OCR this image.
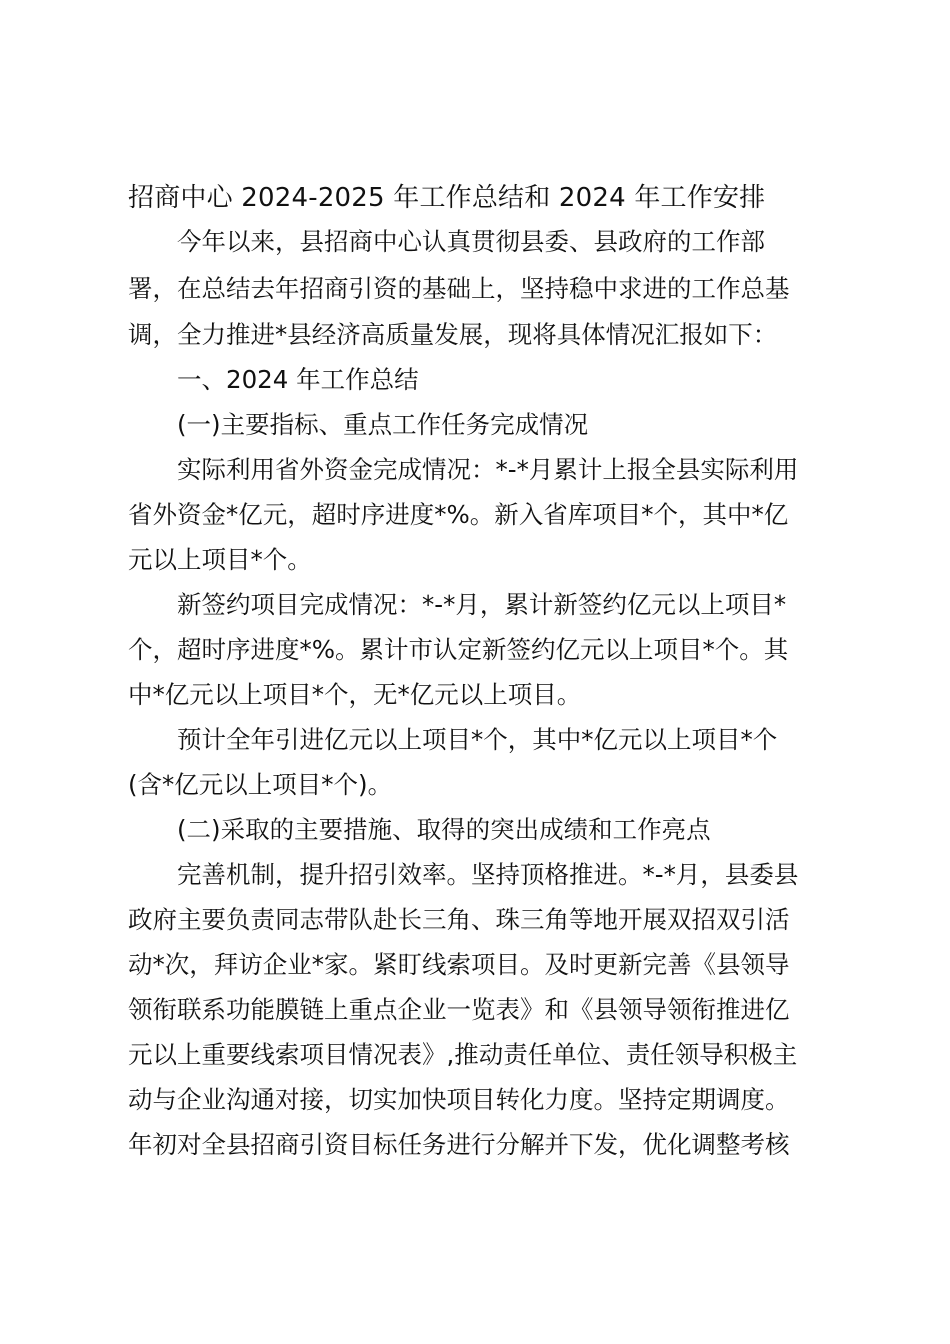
招商中心 2024-2025 年工作总结和 2024 年工作安排
今年以来，县招商中心认真贯彻县委、县政府的工作部
署，在总结去年招商引资的基础上，坚持稳中求进的工作总基
调，全力推进*县经济高质量发展，现将具体情况汇报如下：
一、2024 年工作总结
(一)主要指标、重点工作任务完成情况
实际利用省外资金完成情况：*-*月累计上报全县实际利用
省外资金*亿元，超时序进度*%。新入省库项目*个，其中*亿
元以上项目*个。
新签约项目完成情况：*-*月，累计新签约亿元以上项目*
个，超时序进度*%。累计市认定新签约亿元以上项目*个。其
中*亿元以上项目*个，无*亿元以上项目。
预计全年引进亿元以上项目*个，其中*亿元以上项目*个
(含*亿元以上项目*个)。
(二)采取的主要措施、取得的突出成绩和工作亮点
完善机制，提升招引效率。坚持顶格推进。*-*月，县委县
政府主要负责同志带队赴长三角、珠三角等地开展双招双引活
动*次，拜访企业*家。紧盯线索项目。及时更新完善《县领导
领衔联系功能膜链上重点企业一览表》和《县领导领衔推进亿
元以上重要线索项目情况表》,推动责任单位、责任领导积极主
动与企业沟通对接，切实加快项目转化力度。坚持定期调度。
年初对全县招商引资目标任务进行分解并下发，优化调整考核
